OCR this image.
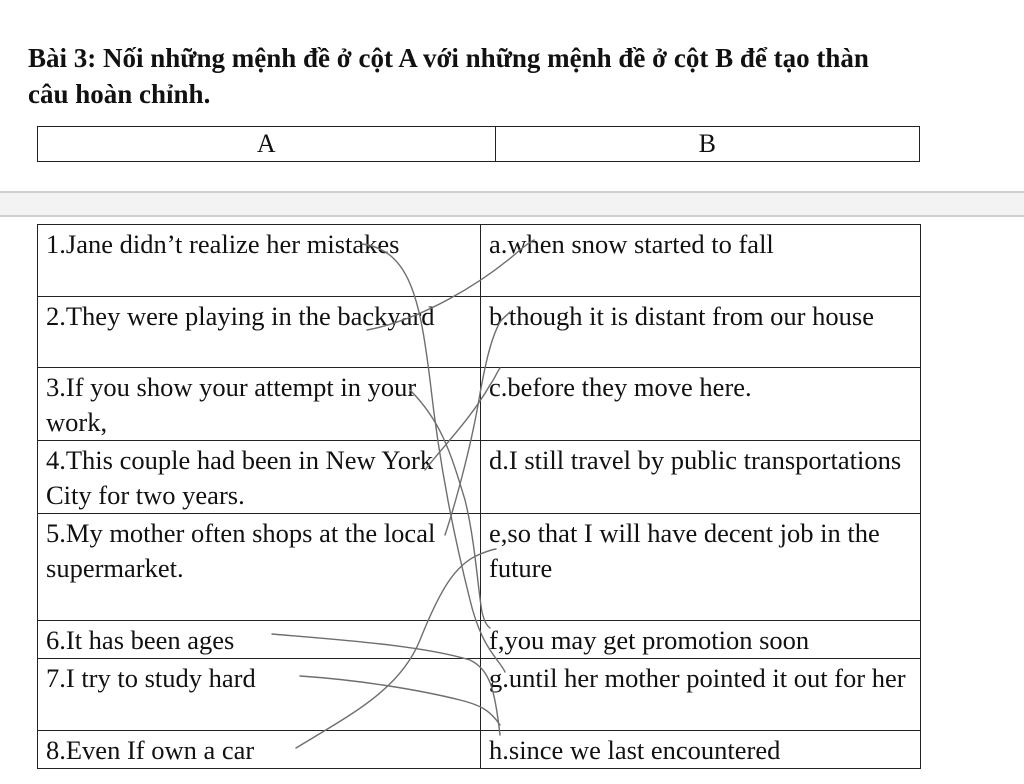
Bài 3: Nối những mệnh đề ở cột A với những mệnh đề ở cột B để tạo thàn
câu hoàn chỉnh.
A	B
1.Jane didn’t realize her mistakes	a.when snow started to fall
2.They were playing in the backyard	b.though it is distant from our house
3.If you show your attempt in your work,	c.before they move here.
4.This couple had been in New York City for two years.	d.I still travel by public transportations
5.My mother often shops at the local supermarket.	e,so that I will have decent job in the future
6.It has been ages	f,you may get promotion soon
7.I try to study hard	g.until her mother pointed it out for her
8.Even If own a car	h.since we last encountered
